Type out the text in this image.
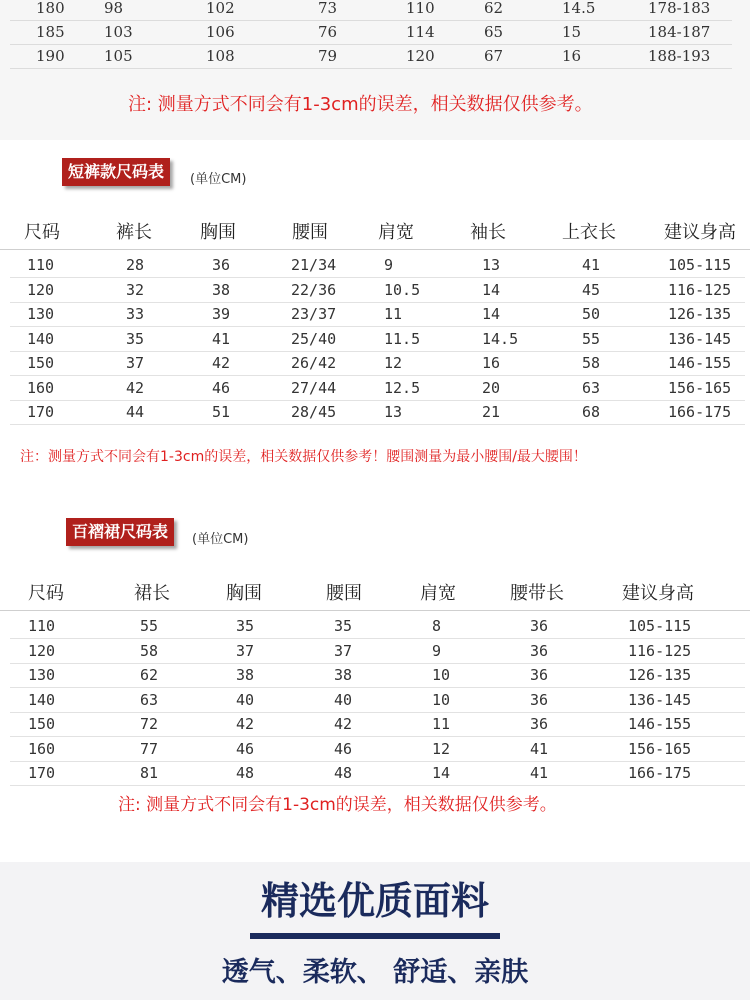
180	98	102	73	110	62	14.5	178-183
185	103	106	76	114	65	15	184-187
190	105	108	79	120	67	16	188-193
注: 测量方式不同会有1-3cm的误差，相关数据仅供参考。
短裤款尺码表	(单位CM)
尺码	裤长	胸围	腰围	肩宽	袖长	上衣长	建议身高
110	28	36	21/34	9	13	41	105-115
120	32	38	22/36	10.5	14	45	116-125
130	33	39	23/37	11	14	50	126-135
140	35	41	25/40	11.5	14.5	55	136-145
150	37	42	26/42	12	16	58	146-155
160	42	46	27/44	12.5	20	63	156-165
170	44	51	28/45	13	21	68	166-175
注：测量方式不同会有1-3cm的误差，相关数据仅供参考！腰围测量为最小腰围/最大腰围！
百褶裙尺码表	(单位CM)
尺码	裙长	胸围	腰围	肩宽	腰带长	建议身高
110	55	35	35	8	36	105-115
120	58	37	37	9	36	116-125
130	62	38	38	10	36	126-135
140	63	40	40	10	36	136-145
150	72	42	42	11	36	146-155
160	77	46	46	12	41	156-165
170	81	48	48	14	41	166-175
注: 测量方式不同会有1-3cm的误差，相关数据仅供参考。
精选优质面料
透气、柔软、 舒适、亲肤
